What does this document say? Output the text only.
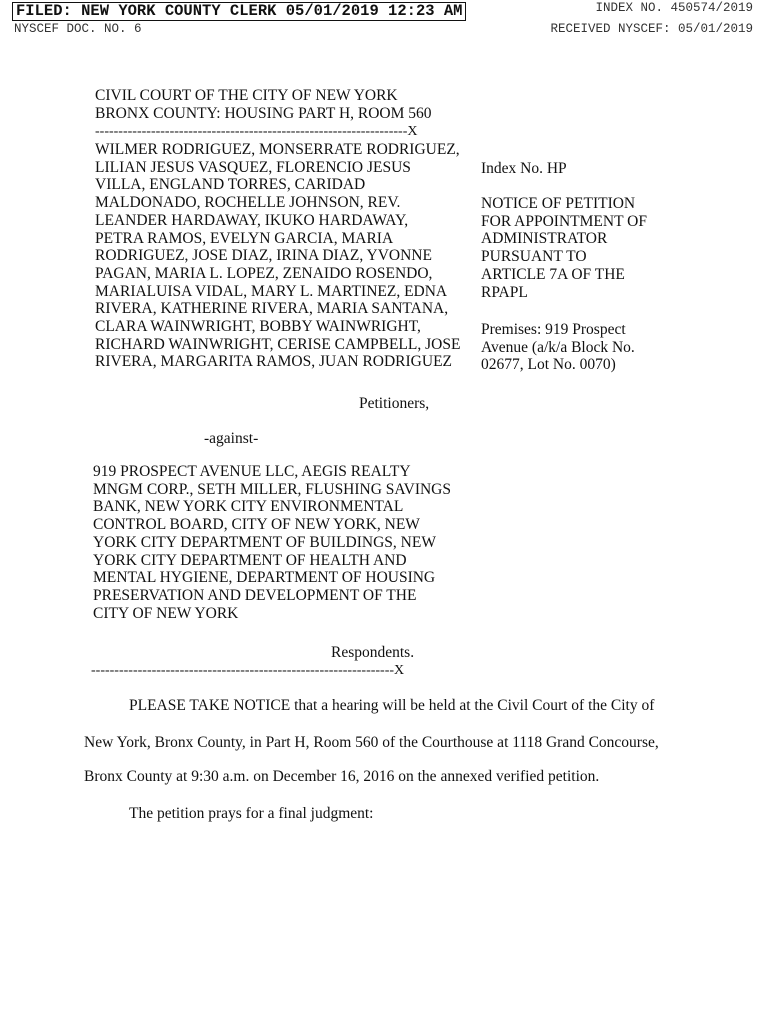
FILED: NEW YORK COUNTY CLERK 05/01/2019 12:23 AM	INDEX NO. 450574/2019
NYSCEF DOC. NO. 6	RECEIVED NYSCEF: 05/01/2019
CIVIL COURT OF THE CITY OF NEW YORK
BRONX COUNTY: HOUSING PART H, ROOM 560
-------------------------------------------------------------------X
WILMER RODRIGUEZ, MONSERRATE RODRIGUEZ,
LILIAN JESUS VASQUEZ, FLORENCIO JESUS
VILLA, ENGLAND TORRES, CARIDAD
MALDONADO, ROCHELLE JOHNSON, REV.
LEANDER HARDAWAY, IKUKO HARDAWAY,
PETRA RAMOS, EVELYN GARCIA, MARIA
RODRIGUEZ, JOSE DIAZ, IRINA DIAZ, YVONNE
PAGAN, MARIA L. LOPEZ, ZENAIDO ROSENDO,
MARIALUISA VIDAL, MARY L. MARTINEZ, EDNA
RIVERA, KATHERINE RIVERA, MARIA SANTANA,
CLARA WAINWRIGHT, BOBBY WAINWRIGHT,
RICHARD WAINWRIGHT, CERISE CAMPBELL, JOSE
RIVERA, MARGARITA RAMOS, JUAN RODRIGUEZ
Petitioners,
-against-
919 PROSPECT AVENUE LLC, AEGIS REALTY
MNGM CORP., SETH MILLER, FLUSHING SAVINGS
BANK, NEW YORK CITY ENVIRONMENTAL
CONTROL BOARD, CITY OF NEW YORK, NEW
YORK CITY DEPARTMENT OF BUILDINGS, NEW
YORK CITY DEPARTMENT OF HEALTH AND
MENTAL HYGIENE, DEPARTMENT OF HOUSING
PRESERVATION AND DEVELOPMENT OF THE
CITY OF NEW YORK
Respondents.
-----------------------------------------------------------------X
Index No. HP
NOTICE OF PETITION
FOR APPOINTMENT OF
ADMINISTRATOR
PURSUANT TO
ARTICLE 7A OF THE
RPAPL
Premises: 919 Prospect
Avenue (a/k/a Block No.
02677, Lot No. 0070)
PLEASE TAKE NOTICE that a hearing will be held at the Civil Court of the City of
New York, Bronx County, in Part H, Room 560 of the Courthouse at 1118 Grand Concourse,
Bronx County at 9:30 a.m. on December 16, 2016 on the annexed verified petition.
The petition prays for a final judgment:
